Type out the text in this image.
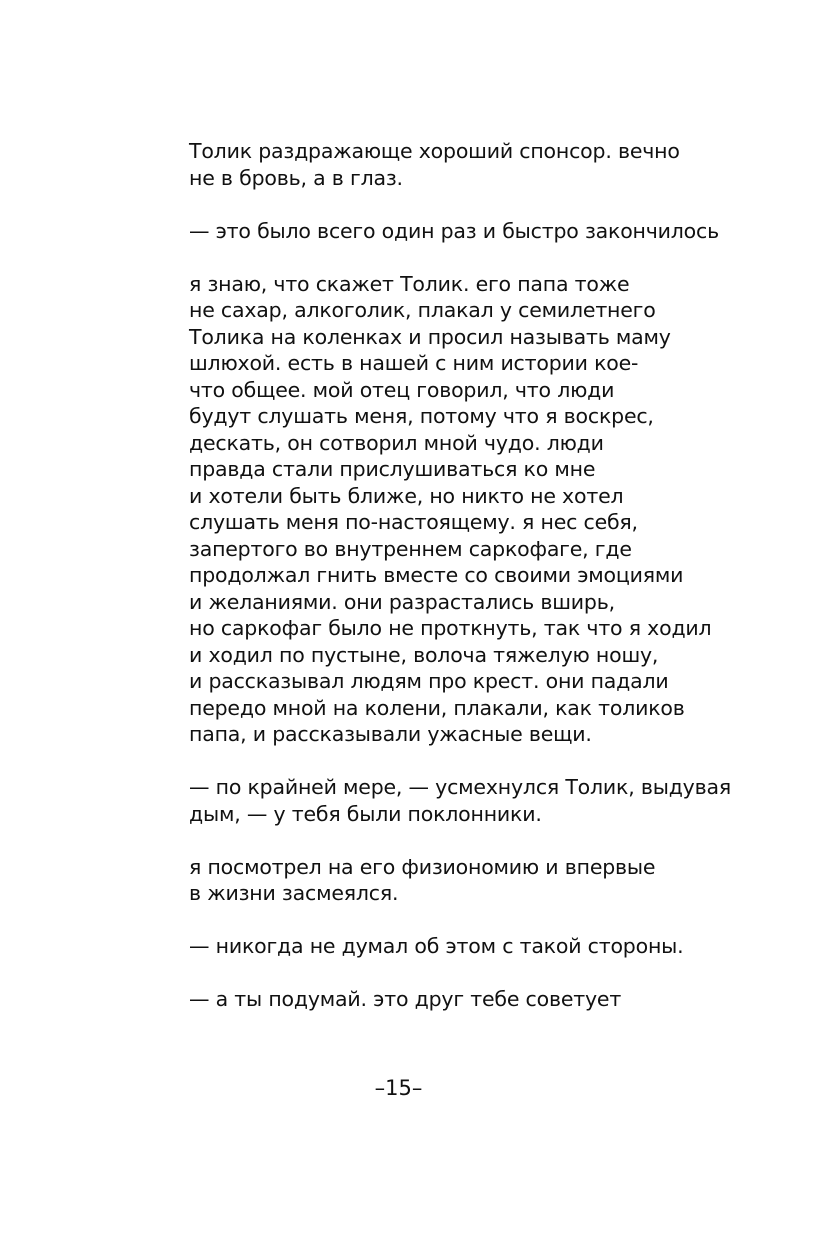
Толик раздражающе хороший спонсор. вечно
не в бровь, а в глаз.
— это было всего один раз и быстро закончилось
я знаю, что скажет Толик. его папа тоже
не сахар, алкоголик, плакал у семилетнего
Толика на коленках и просил называть маму
шлюхой. есть в нашей с ним истории кое-
что общее. мой отец говорил, что люди
будут слушать меня, потому что я воскрес,
дескать, он сотворил мной чудо. люди
правда стали прислушиваться ко мне
и хотели быть ближе, но никто не хотел
слушать меня по-настоящему. я нес себя,
запертого во внутреннем саркофаге, где
продолжал гнить вместе со своими эмоциями
и желаниями. они разрастались вширь,
но саркофаг было не проткнуть, так что я ходил
и ходил по пустыне, волоча тяжелую ношу,
и рассказывал людям про крест. они падали
передо мной на колени, плакали, как толиков
папа, и рассказывали ужасные вещи.
— по крайней мере, — усмехнулся Толик, выдувая
дым, — у тебя были поклонники.
я посмотрел на его физиономию и впервые
в жизни засмеялся.
— никогда не думал об этом с такой стороны.
— а ты подумай. это друг тебе советует
–15–
